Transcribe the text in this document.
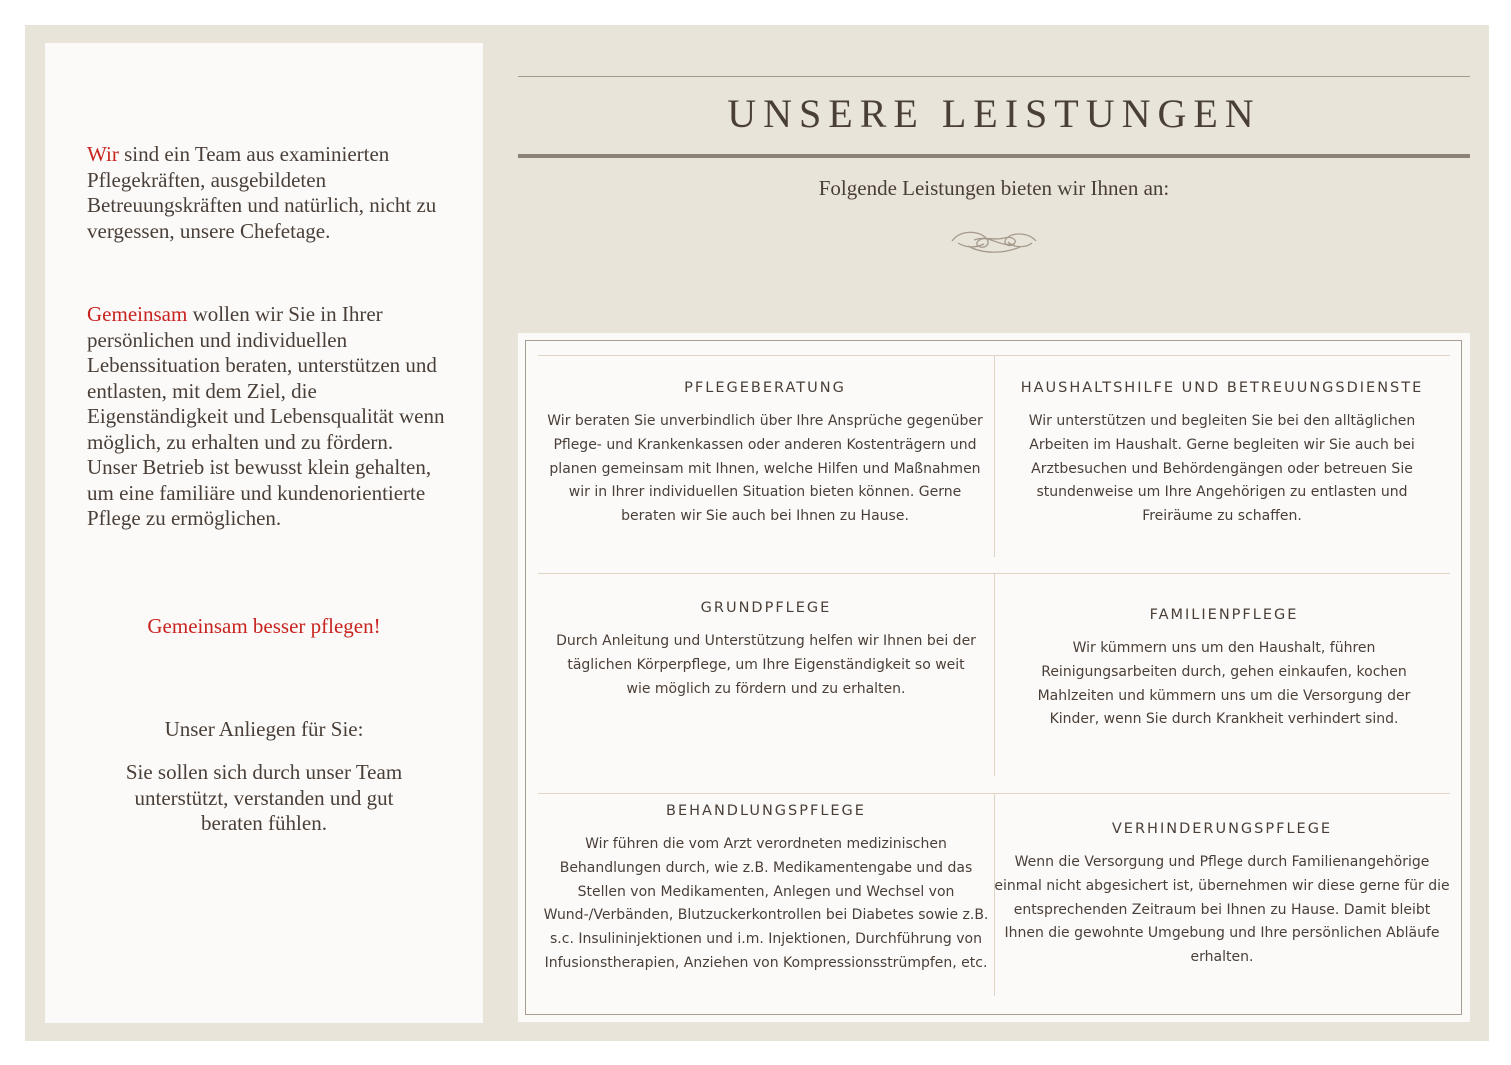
Wir sind ein Team aus examinierten Pflegekräften, ausgebildeten Betreuungskräften und natürlich, nicht zu vergessen, unsere Chefetage.

Gemeinsam wollen wir Sie in Ihrer persönlichen und individuellen Lebenssituation beraten, unterstützen und entlasten, mit dem Ziel, die Eigenständigkeit und Lebensqualität wenn möglich, zu erhalten und zu fördern. Unser Betrieb ist bewusst klein gehalten, um eine familiäre und kundenorientierte Pflege zu ermöglichen.

Gemeinsam besser pflegen!
Unser Anliegen für Sie:
Sie sollen sich durch unser Team unterstützt, verstanden und gut beraten fühlen.
UNSERE LEISTUNGEN
Folgende Leistungen bieten wir Ihnen an:
PFLEGEBERATUNG

Wir beraten Sie unverbindlich über Ihre Ansprüche gegenüber Pflege- und Krankenkassen oder anderen Kostenträgern und planen gemeinsam mit Ihnen, welche Hilfen und Maßnahmen wir in Ihrer individuellen Situation bieten können. Gerne beraten wir Sie auch bei Ihnen zu Hause.

HAUSHALTSHILFE UND BETREUUNGSDIENSTE

Wir unterstützen und begleiten Sie bei den alltäglichen Arbeiten im Haushalt. Gerne begleiten wir Sie auch bei Arztbesuchen und Behördengängen oder betreuen Sie stundenweise um Ihre Angehörigen zu entlasten und Freiräume zu schaffen.

GRUNDPFLEGE

Durch Anleitung und Unterstützung helfen wir Ihnen bei der täglichen Körperpflege, um Ihre Eigenständigkeit so weit wie möglich zu fördern und zu erhalten.

FAMILIENPFLEGE

Wir kümmern uns um den Haushalt, führen Reinigungsarbeiten durch, gehen einkaufen, kochen Mahlzeiten und kümmern uns um die Versorgung der Kinder, wenn Sie durch Krankheit verhindert sind.

BEHANDLUNGSPFLEGE

Wir führen die vom Arzt verordneten medizinischen Behandlungen durch, wie z.B. Medikamentengabe und das Stellen von Medikamenten, Anlegen und Wechsel von Wund-/Verbänden, Blutzuckerkontrollen bei Diabetes sowie z.B. s.c. Insulininjektionen und i.m. Injektionen, Durchführung von Infusionstherapien, Anziehen von Kompressionsstrümpfen, etc.

VERHINDERUNGSPFLEGE

Wenn die Versorgung und Pflege durch Familienangehörige einmal nicht abgesichert ist, übernehmen wir diese gerne für die entsprechenden Zeitraum bei Ihnen zu Hause. Damit bleibt Ihnen die gewohnte Umgebung und Ihre persönlichen Abläufe erhalten.
